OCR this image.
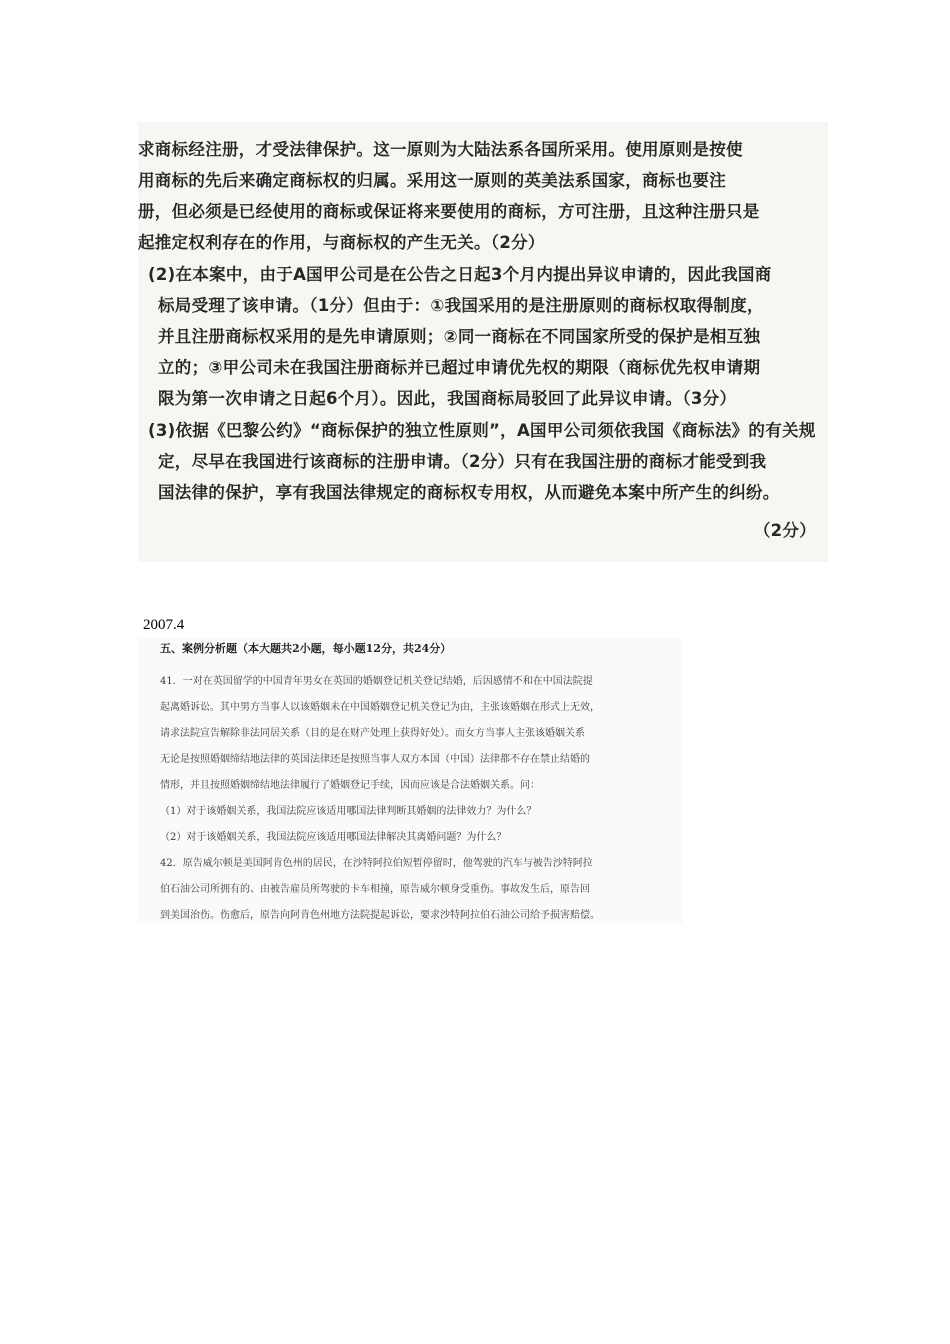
求商标经注册，才受法律保护。这一原则为大陆法系各国所采用。使用原则是按使
用商标的先后来确定商标权的归属。采用这一原则的英美法系国家，商标也要注
册，但必须是已经使用的商标或保证将来要使用的商标，方可注册，且这种注册只是
起推定权利存在的作用，与商标权的产生无关。（2分）
(2)在本案中，由于A国甲公司是在公告之日起3个月内提出异议申请的，因此我国商
标局受理了该申请。（1分）但由于：①我国采用的是注册原则的商标权取得制度，
并且注册商标权采用的是先申请原则；②同一商标在不同国家所受的保护是相互独
立的；③甲公司未在我国注册商标并已超过申请优先权的期限（商标优先权申请期
限为第一次申请之日起6个月）。因此，我国商标局驳回了此异议申请。（3分）
(3)依据《巴黎公约》“商标保护的独立性原则”，A国甲公司须依我国《商标法》的有关规
定，尽早在我国进行该商标的注册申请。（2分）只有在我国注册的商标才能受到我
国法律的保护，享有我国法律规定的商标权专用权，从而避免本案中所产生的纠纷。
（2分）
2007.4
五、案例分析题（本大题共2小题，每小题12分，共24分）
41．一对在英国留学的中国青年男女在英国的婚姻登记机关登记结婚，后因感情不和在中国法院提
起离婚诉讼。其中男方当事人以该婚姻未在中国婚姻登记机关登记为由，主张该婚姻在形式上无效，
请求法院宣告解除非法同居关系（目的是在财产处理上获得好处）。而女方当事人主张该婚姻关系
无论是按照婚姻缔结地法律的英国法律还是按照当事人双方本国（中国）法律都不存在禁止结婚的
情形，并且按照婚姻缔结地法律履行了婚姻登记手续，因而应该是合法婚姻关系。问：
（1）对于该婚姻关系，我国法院应该适用哪国法律判断其婚姻的法律效力？为什么？
（2）对于该婚姻关系，我国法院应该适用哪国法律解决其离婚问题？为什么？
42．原告威尔顿是美国阿肯色州的居民，在沙特阿拉伯短暂停留时，他驾驶的汽车与被告沙特阿拉
伯石油公司所拥有的、由被告雇员所驾驶的卡车相撞，原告威尔顿身受重伤。事故发生后，原告回
到美国治伤。伤愈后，原告向阿肯色州地方法院提起诉讼，要求沙特阿拉伯石油公司给予损害赔偿。
